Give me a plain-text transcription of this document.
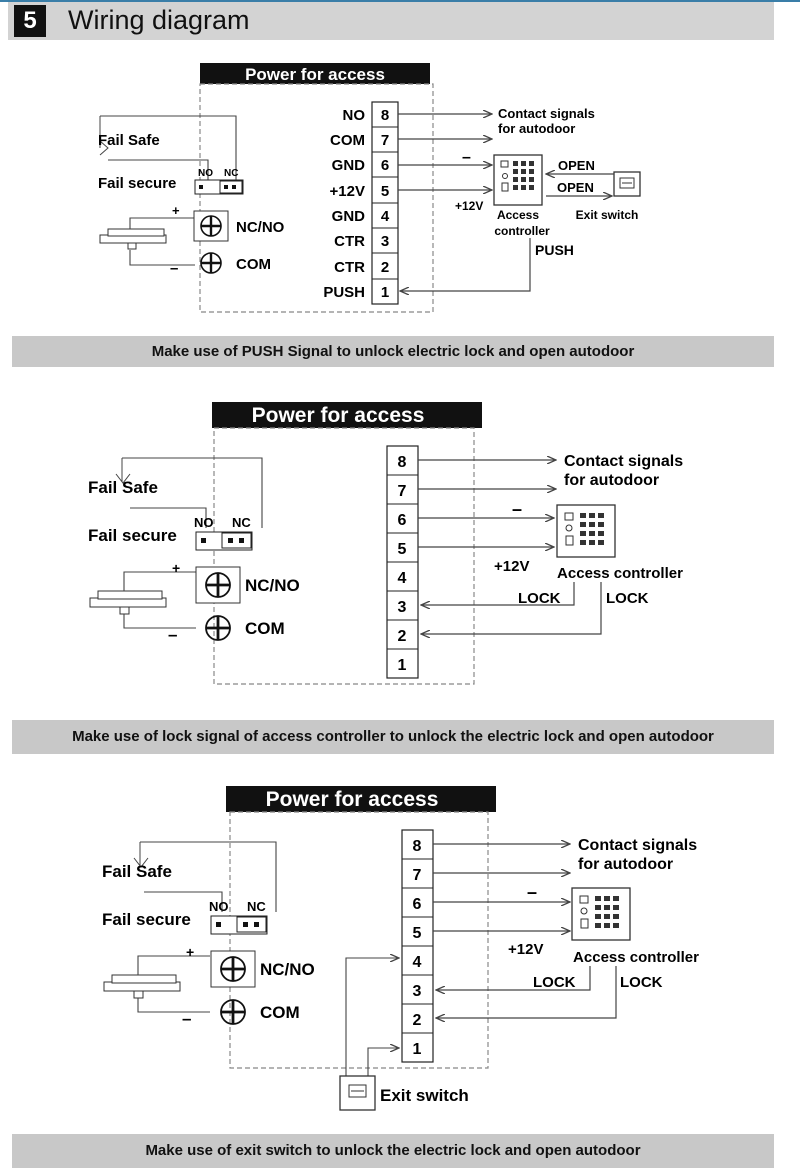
5	Wiring diagram
Power for access
8
7
6
5
4
3
2
1
NO
COM
GND
+12V
GND
CTR
CTR
PUSH
Contact signals
for autodoor
–
+12V
Access
controller
OPEN
OPEN
Exit switch
PUSH
Fail Safe
Fail secure
NO NC
+
–
NC/NO
COM
Power for access
8
7
6
5
4
3
2
1
Contact signals
for autodoor
–
+12V Access controller
LOCK	LOCK
Fail Safe
Fail secure
NO NC
+
–
NC/NO
COM
Power for access
8
7
6
5
4
3
2
1
Contact signals
for autodoor
–
+12V Access controller
LOCK	LOCK
Exit switch
Fail Safe
Fail secure
NO NC
+
–
NC/NO
COM
Make use of PUSH Signal to unlock electric lock and open autodoor
Make use of lock signal of access controller to unlock the electric lock and open autodoor
Make use of exit switch to unlock the electric lock and open autodoor
